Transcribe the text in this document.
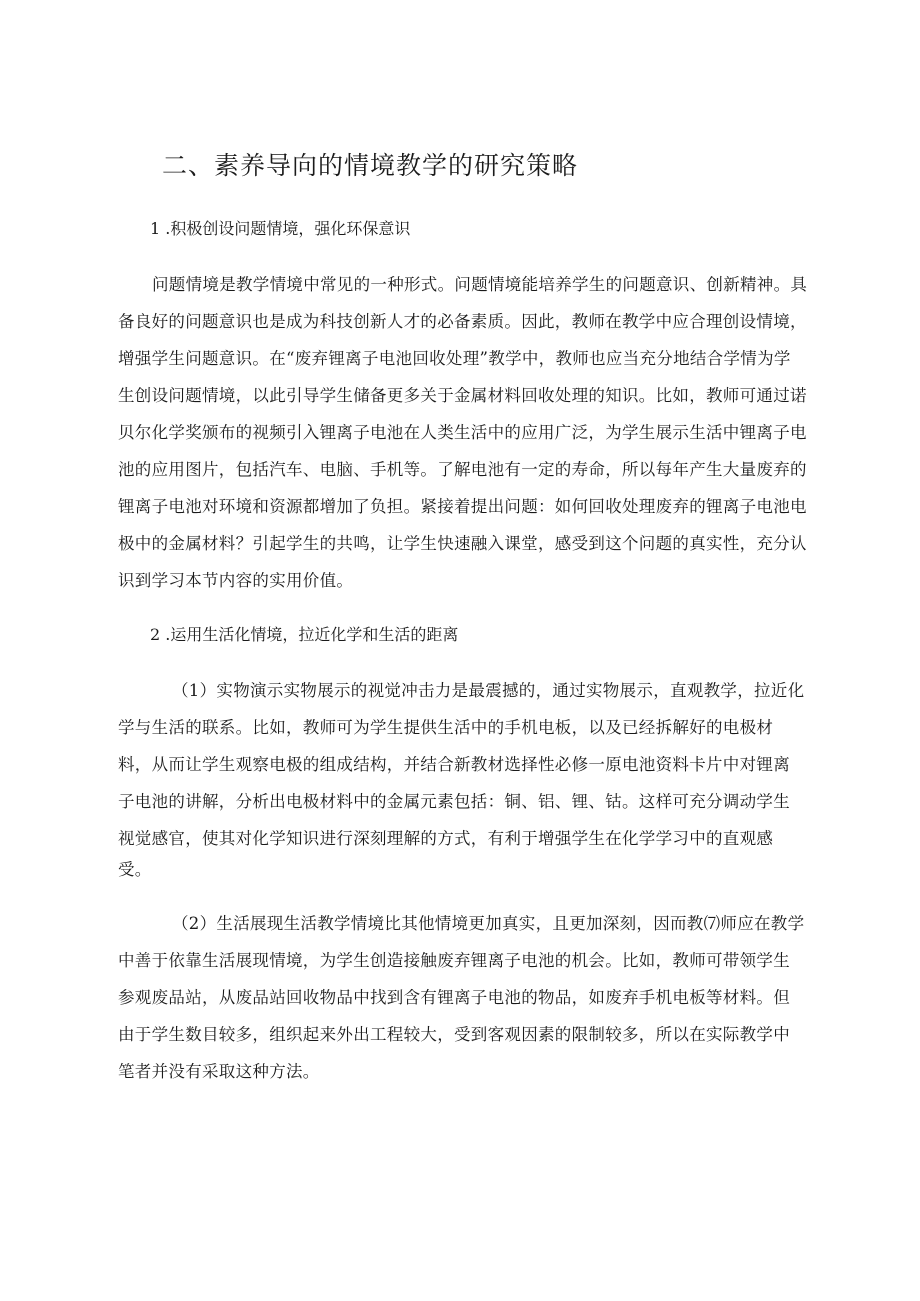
二、素养导向的情境教学的研究策略
1 .积极创设问题情境，强化环保意识

问题情境是教学情境中常见的一种形式。问题情境能培养学生的问题意识、创新精神。具

备良好的问题意识也是成为科技创新人才的必备素质。因此，教师在教学中应合理创设情境，

增强学生问题意识。在“废弃锂离子电池回收处理”教学中，教师也应当充分地结合学情为学

生创设问题情境，以此引导学生储备更多关于金属材料回收处理的知识。比如，教师可通过诺

贝尔化学奖颁布的视频引入锂离子电池在人类生活中的应用广泛，为学生展示生活中锂离子电

池的应用图片，包括汽车、电脑、手机等。了解电池有一定的寿命，所以每年产生大量废弃的

锂离子电池对环境和资源都增加了负担。紧接着提出问题：如何回收处理废弃的锂离子电池电

极中的金属材料？引起学生的共鸣，让学生快速融入课堂，感受到这个问题的真实性，充分认

识到学习本节内容的实用价值。

2 .运用生活化情境，拉近化学和生活的距离

（1）实物演示实物展示的视觉冲击力是最震撼的，通过实物展示，直观教学，拉近化

学与生活的联系。比如，教师可为学生提供生活中的手机电板，以及已经拆解好的电极材

料，从而让学生观察电极的组成结构，并结合新教材选择性必修一原电池资料卡片中对锂离

子电池的讲解，分析出电极材料中的金属元素包括：铜、铝、锂、钴。这样可充分调动学生

视觉感官，使其对化学知识进行深刻理解的方式，有利于增强学生在化学学习中的直观感

受。

（2）生活展现生活教学情境比其他情境更加真实，且更加深刻，因而教⑺师应在教学

中善于依靠生活展现情境，为学生创造接触废弃锂离子电池的机会。比如，教师可带领学生

参观废品站，从废品站回收物品中找到含有锂离子电池的物品，如废弃手机电板等材料。但

由于学生数目较多，组织起来外出工程较大，受到客观因素的限制较多，所以在实际教学中

笔者并没有采取这种方法。
